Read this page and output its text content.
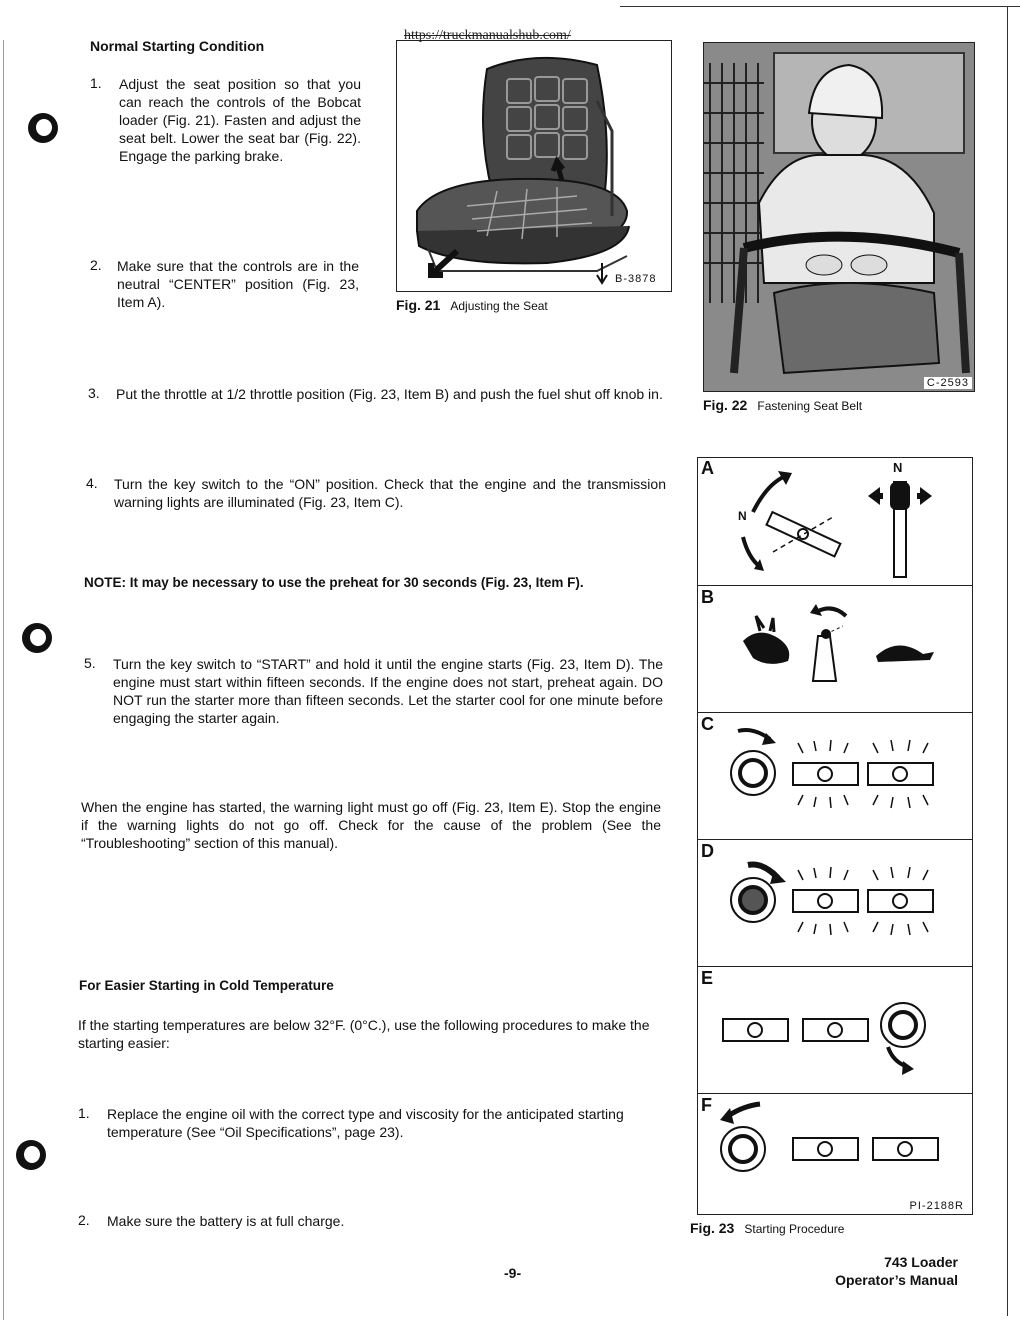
https://truckmanualshub.com/
Normal Starting Condition
1. Adjust the seat position so that you can reach the controls of the Bobcat loader (Fig. 21). Fasten and adjust the seat belt. Lower the seat bar (Fig. 22). Engage the parking brake.
2. Make sure that the controls are in the neutral “CENTER” position (Fig. 23, Item A).
3. Put the throttle at 1/2 throttle position (Fig. 23, Item B) and push the fuel shut off knob in.
4. Turn the key switch to the “ON” position. Check that the engine and the transmission warning lights are illuminated (Fig. 23, Item C).
NOTE: It may be necessary to use the preheat for 30 seconds (Fig. 23, Item F).
5. Turn the key switch to “START” and hold it until the engine starts (Fig. 23, Item D). The engine must start within fifteen seconds. If the engine does not start, preheat again. DO NOT run the starter more than fifteen seconds. Let the starter cool for one minute before engaging the starter again.
When the engine has started, the warning light must go off (Fig. 23, Item E). Stop the engine if the warning lights do not go off. Check for the cause of the problem (See the “Troubleshooting” section of this manual).
For Easier Starting in Cold Temperature
If the starting temperatures are below 32°F. (0°C.), use the following procedures to make the starting easier:
1. Replace the engine oil with the correct type and viscosity for the anticipated starting temperature (See “Oil Specifications”, page 23).
2. Make sure the battery is at full charge.
B-3878
Fig. 21 Adjusting the Seat
C-2593
Fig. 22 Fastening Seat Belt
A	N
N
B
C
D
E
F
PI-2188R
Fig. 23 Starting Procedure
-9-
743 Loader
Operator’s Manual
